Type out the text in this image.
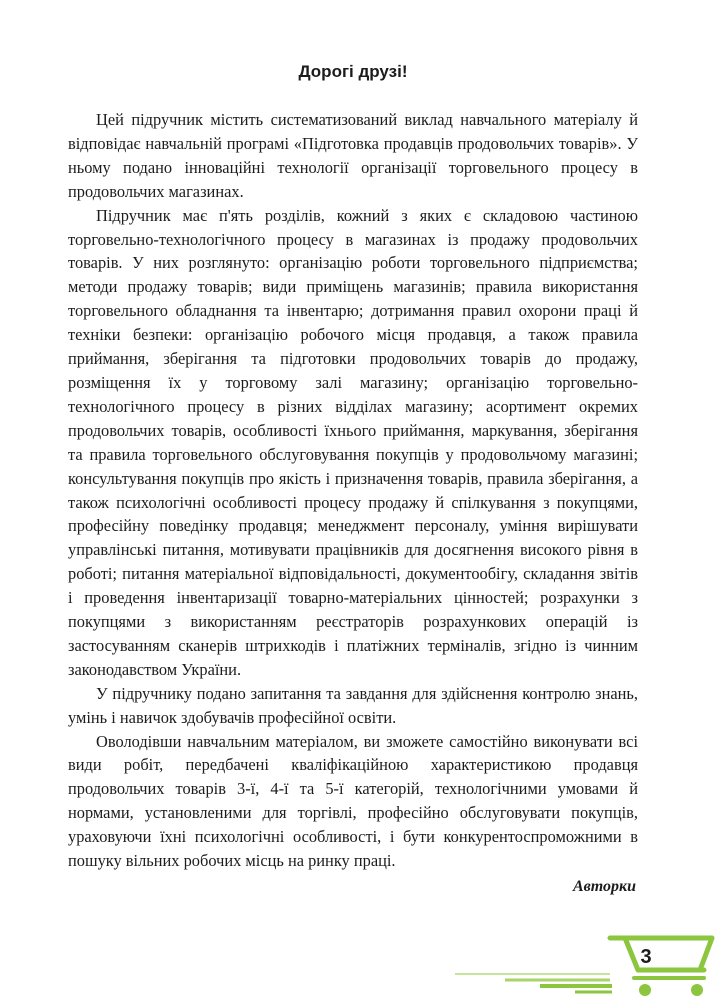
Дорогі друзі!

Цей підручник містить систематизований виклад навчального матеріалу й відповідає навчальній програмі «Підготовка продавців продовольчих товарів». У ньому подано інноваційні технології організації торговельного процесу в продовольчих магазинах.

Підручник має п'ять розділів, кожний з яких є складовою частиною торговельно-технологічного процесу в магазинах із продажу продовольчих товарів. У них розглянуто: організацію роботи торговельного підприємства; методи продажу товарів; види приміщень магазинів; правила використання торговельного обладнання та інвентарю; дотримання правил охорони праці й техніки безпеки: організацію робочого місця продавця, а також правила приймання, зберігання та підготовки продовольчих товарів до продажу, розміщення їх у торговому залі магазину; організацію торговельно-технологічного процесу в різних відділах магазину; асортимент окремих продовольчих товарів, особливості їхнього приймання, маркування, зберігання та правила торговельного обслуговування покупців у продовольчому магазині; консультування покупців про якість і призначення товарів, правила зберігання, а також психологічні особливості процесу продажу й спілкування з покупцями, професійну поведінку продавця; менеджмент персоналу, уміння вирішувати управлінські питання, мотивувати працівників для досягнення високого рівня в роботі; питання матеріальної відповідальності, документообігу, складання звітів і проведення інвентаризації товарно-матеріальних цінностей; розрахунки з покупцями з використанням реєстраторів розрахункових операцій із застосуванням сканерів штрихкодів і платіжних терміналів, згідно із чинним законодавством України.

У підручнику подано запитання та завдання для здійснення контролю знань, умінь і навичок здобувачів професійної освіти.

Оволодівши навчальним матеріалом, ви зможете самостійно виконувати всі види робіт, передбачені кваліфікаційною характеристикою продавця продовольчих товарів 3-ї, 4-ї та 5-ї категорій, технологічними умовами й нормами, установленими для торгівлі, професійно обслуговувати покупців, ураховуючи їхні психологічні особливості, і бути конкурентоспроможними в пошуку вільних робочих місць на ринку праці.

Авторки
3
